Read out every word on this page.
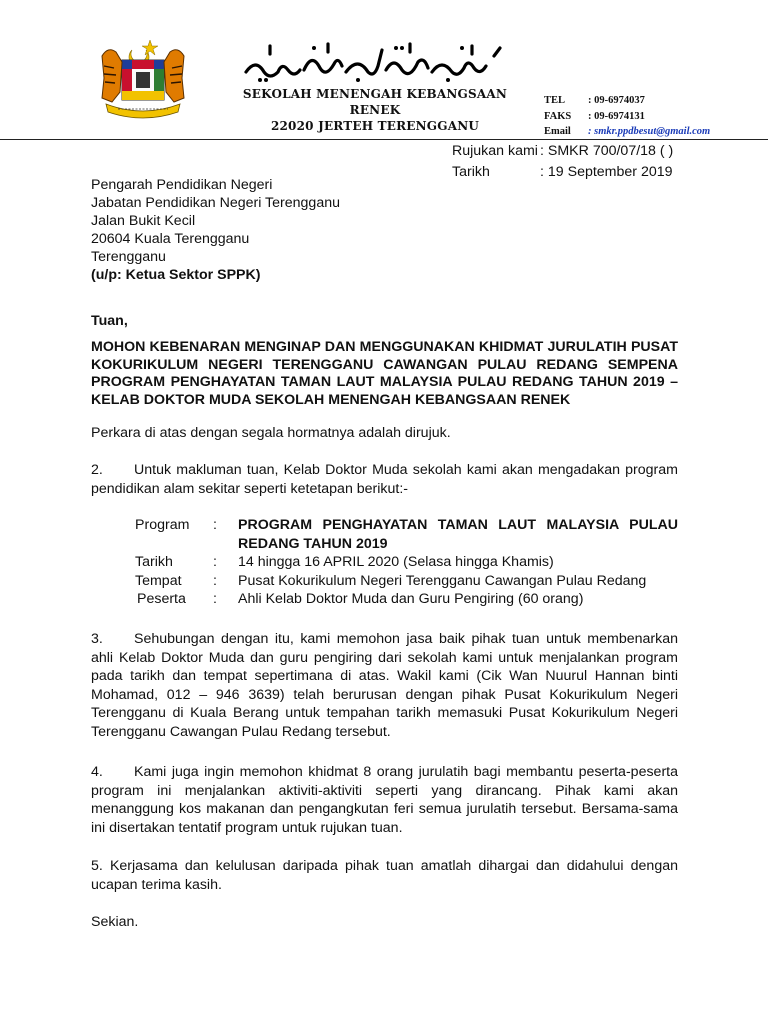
SEKOLAH MENENGAH KEBANGSAAN RENEK
22020 JERTEH TERENGGANU
TEL : 09-6974037
FAKS : 09-6974131
Email : smkr.ppdbesut@gmail.com
Rujukan kami : SMKR 700/07/18 ( )
Tarikh	: 19 September 2019
Pengarah Pendidikan Negeri
Jabatan Pendidikan Negeri Terengganu
Jalan Bukit Kecil
20604 Kuala Terengganu
Terengganu
(u/p: Ketua Sektor SPPK)
Tuan,
MOHON KEBENARAN MENGINAP DAN MENGGUNAKAN KHIDMAT JURULATIH PUSAT KOKURIKULUM NEGERI TERENGGANU CAWANGAN PULAU REDANG SEMPENA PROGRAM PENGHAYATAN TAMAN LAUT MALAYSIA PULAU REDANG TAHUN 2019 – KELAB DOKTOR MUDA SEKOLAH MENENGAH KEBANGSAAN RENEK
Perkara di atas dengan segala hormatnya adalah dirujuk.
2. Untuk makluman tuan, Kelab Doktor Muda sekolah kami akan mengadakan program pendidikan alam sekitar seperti ketetapan berikut:-
Program	:	PROGRAM PENGHAYATAN TAMAN LAUT MALAYSIA PULAU REDANG TAHUN 2019
Tarikh	:	14 hingga 16 APRIL 2020 (Selasa hingga Khamis)
Tempat	:	Pusat Kokurikulum Negeri Terengganu Cawangan Pulau Redang
Peserta	:	Ahli Kelab Doktor Muda dan Guru Pengiring (60 orang)
3. Sehubungan dengan itu, kami memohon jasa baik pihak tuan untuk membenarkan ahli Kelab Doktor Muda dan guru pengiring dari sekolah kami untuk menjalankan program pada tarikh dan tempat sepertimana di atas. Wakil kami (Cik Wan Nuurul Hannan binti Mohamad, 012 – 946 3639) telah berurusan dengan pihak Pusat Kokurikulum Negeri Terengganu di Kuala Berang untuk tempahan tarikh memasuki Pusat Kokurikulum Negeri Terengganu Cawangan Pulau Redang tersebut.
4. Kami juga ingin memohon khidmat 8 orang jurulatih bagi membantu peserta-peserta program ini menjalankan aktiviti-aktiviti seperti yang dirancang. Pihak kami akan menanggung kos makanan dan pengangkutan feri semua jurulatih tersebut. Bersama-sama ini disertakan tentatif program untuk rujukan tuan.
5. Kerjasama dan kelulusan daripada pihak tuan amatlah dihargai dan didahului dengan ucapan terima kasih.
Sekian.
